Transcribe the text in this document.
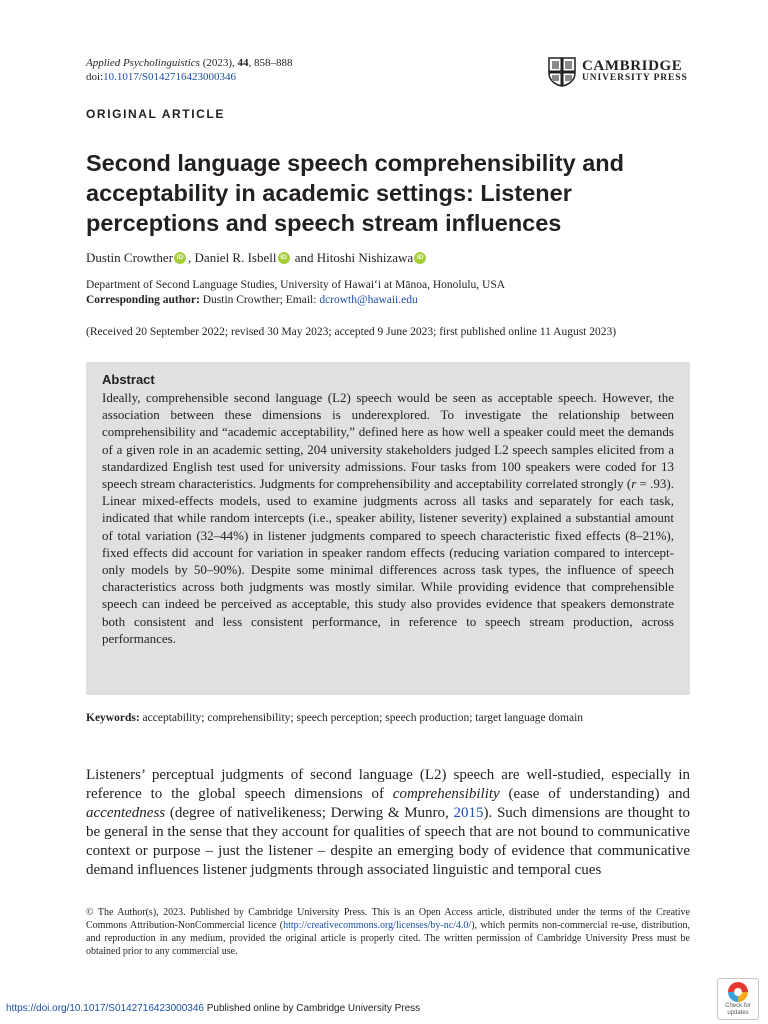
Applied Psycholinguistics (2023), 44, 858–888
doi:10.1017/S0142716423000346
CAMBRIDGE
UNIVERSITY PRESS
ORIGINAL ARTICLE
Second language speech comprehensibility and acceptability in academic settings: Listener perceptions and speech stream influences
Dustin Crowther iD , Daniel R. Isbell iD and Hitoshi Nishizawa iD
Department of Second Language Studies, University of Hawaiʻi at Mānoa, Honolulu, USA
Corresponding author: Dustin Crowther; Email: dcrowth@hawaii.edu
(Received 20 September 2022; revised 30 May 2023; accepted 9 June 2023; first published online 11 August 2023)
Abstract
Ideally, comprehensible second language (L2) speech would be seen as acceptable speech. However, the association between these dimensions is underexplored. To investigate the relationship between comprehensibility and “academic acceptability,” defined here as how well a speaker could meet the demands of a given role in an academic setting, 204 university stakeholders judged L2 speech samples elicited from a standardized English test used for university admissions. Four tasks from 100 speakers were coded for 13 speech stream characteristics. Judgments for comprehensibility and acceptability correlated strongly (r = .93). Linear mixed-effects models, used to examine judgments across all tasks and separately for each task, indicated that while random intercepts (i.e., speaker ability, listener severity) explained a substantial amount of total variation (32–44%) in listener judgments compared to speech characteristic fixed effects (8–21%), fixed effects did account for variation in speaker random effects (reducing variation compared to intercept-only models by 50–90%). Despite some minimal differences across task types, the influence of speech characteristics across both judgments was mostly similar. While providing evidence that comprehensible speech can indeed be perceived as acceptable, this study also provides evidence that speakers demonstrate both consistent and less consistent performance, in reference to speech stream production, across performances.
Keywords: acceptability; comprehensibility; speech perception; speech production; target language domain
Listeners’ perceptual judgments of second language (L2) speech are well-studied, especially in reference to the global speech dimensions of comprehensibility (ease of understanding) and accentedness (degree of nativelikeness; Derwing & Munro, 2015). Such dimensions are thought to be general in the sense that they account for qualities of speech that are not bound to communicative context or purpose – just the listener – despite an emerging body of evidence that communicative demand influences listener judgments through associated linguistic and temporal cues
© The Author(s), 2023. Published by Cambridge University Press. This is an Open Access article, distributed under the terms of the Creative Commons Attribution-NonCommercial licence (http://creativecommons.org/licenses/by-nc/4.0/), which permits non-commercial re-use, distribution, and reproduction in any medium, provided the original article is properly cited. The written permission of Cambridge University Press must be obtained prior to any commercial use.
https://doi.org/10.1017/S0142716423000346 Published online by Cambridge University Press	Check for
updates
